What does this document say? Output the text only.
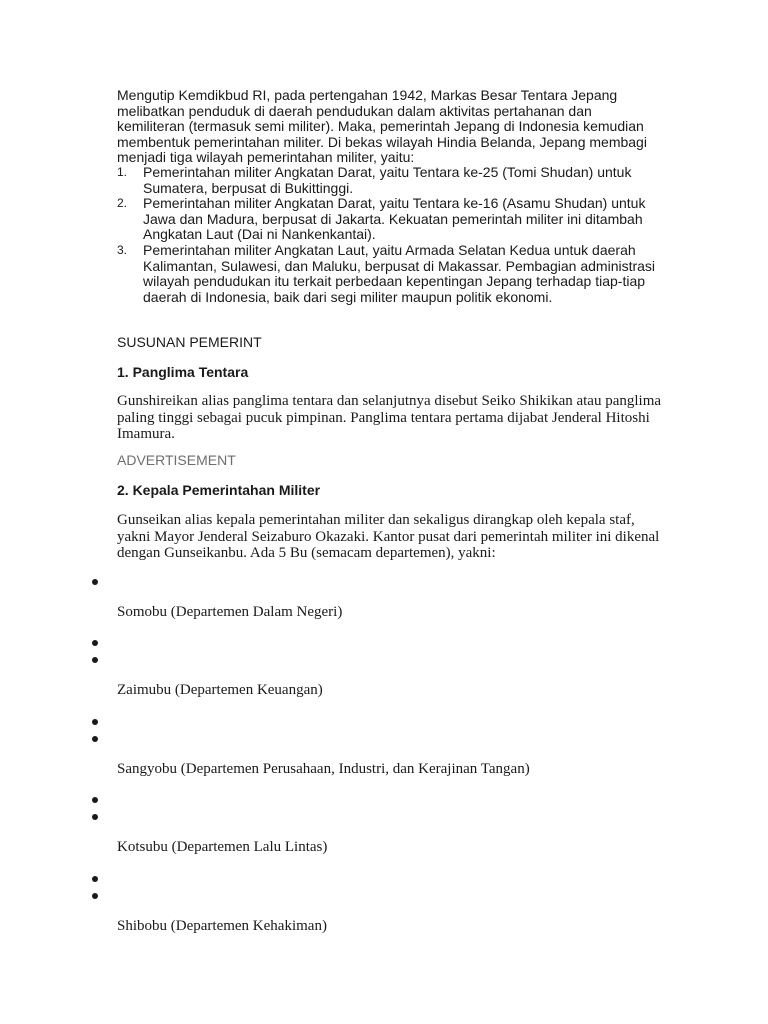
Mengutip Kemdikbud RI, pada pertengahan 1942, Markas Besar Tentara Jepang melibatkan penduduk di daerah pendudukan dalam aktivitas pertahanan dan kemiliteran (termasuk semi militer). Maka, pemerintah Jepang di Indonesia kemudian membentuk pemerintahan militer. Di bekas wilayah Hindia Belanda, Jepang membagi menjadi tiga wilayah pemerintahan militer, yaitu:
1. Pemerintahan militer Angkatan Darat, yaitu Tentara ke-25 (Tomi Shudan) untuk Sumatera, berpusat di Bukittinggi.
2. Pemerintahan militer Angkatan Darat, yaitu Tentara ke-16 (Asamu Shudan) untuk Jawa dan Madura, berpusat di Jakarta. Kekuatan pemerintah militer ini ditambah Angkatan Laut (Dai ni Nankenkantai).
3. Pemerintahan militer Angkatan Laut, yaitu Armada Selatan Kedua untuk daerah Kalimantan, Sulawesi, dan Maluku, berpusat di Makassar. Pembagian administrasi wilayah pendudukan itu terkait perbedaan kepentingan Jepang terhadap tiap-tiap daerah di Indonesia, baik dari segi militer maupun politik ekonomi.
SUSUNAN PEMERINT
1. Panglima Tentara
Gunshireikan alias panglima tentara dan selanjutnya disebut Seiko Shikikan atau panglima paling tinggi sebagai pucuk pimpinan. Panglima tentara pertama dijabat Jenderal Hitoshi Imamura.
ADVERTISEMENT
2. Kepala Pemerintahan Militer
Gunseikan alias kepala pemerintahan militer dan sekaligus dirangkap oleh kepala staf, yakni Mayor Jenderal Seizaburo Okazaki. Kantor pusat dari pemerintah militer ini dikenal dengan Gunseikanbu. Ada 5 Bu (semacam departemen), yakni:
Somobu (Departemen Dalam Negeri)
Zaimubu (Departemen Keuangan)
Sangyobu (Departemen Perusahaan, Industri, dan Kerajinan Tangan)
Kotsubu (Departemen Lalu Lintas)
Shibobu (Departemen Kehakiman)
